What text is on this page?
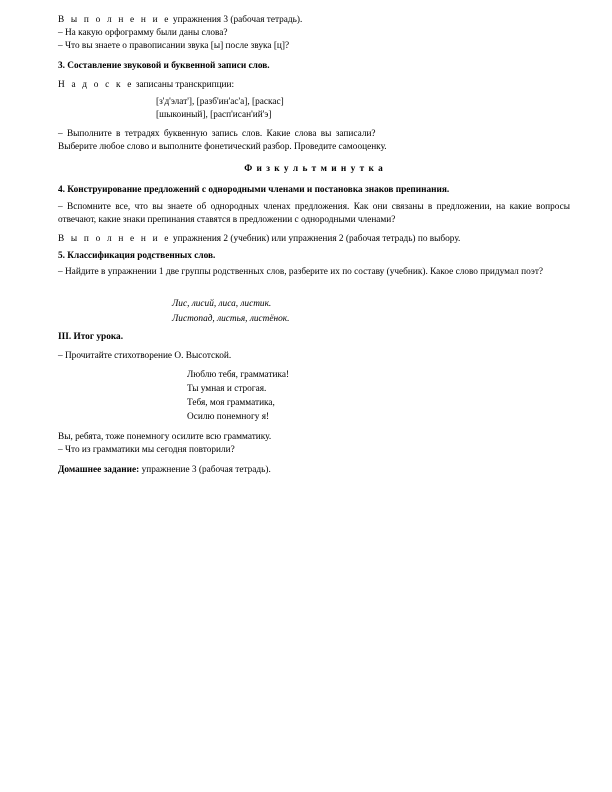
В ы п о л н е н и е упражнения 3 (рабочая тетрадь).

– На какую орфограмму были даны слова?

– Что вы знаете о правописании звука [ы] после звука [ц]?

3. Составление звуковой и буквенной записи слов.

Н а д о с к е записаны транскрипции:

[з'д'элат'], [разб'ин'ас'а], [раскас]

[шыкоиный], [расп'исан'ий'э]

– Выполните в тетрадях буквенную запись слов. Какие слова вы записали?

Выберите любое слово и выполните фонетический разбор. Проведите самооценку.

Ф и з к у л ь т м и н у т к а

4. Конструирование предложений с однородными членами и постановка знаков препинания.

– Вспомните все, что вы знаете об однородных членах предложения. Как они связаны в предложении, на какие вопросы отвечают, какие знаки препинания ставятся в предложении с однородными членами?

В ы п о л н е н и е упражнения 2 (учебник) или упражнения 2 (рабочая тетрадь) по выбору.

5. Классификация родственных слов.

– Найдите в упражнении 1 две группы родственных слов, разберите их по составу (учебник). Какое слово придумал поэт?

Лис, лисий, лиса, листик.

Листопад, листья, листёнок.

III. Итог урока.

– Прочитайте стихотворение О. Высотской.

Люблю тебя, грамматика!

Ты умная и строгая.

Тебя, моя грамматика,

Осилю понемногу я!

Вы, ребята, тоже понемногу осилите всю грамматику.

– Что из грамматики мы сегодня повторили?

Домашнее задание: упражнение 3 (рабочая тетрадь).
